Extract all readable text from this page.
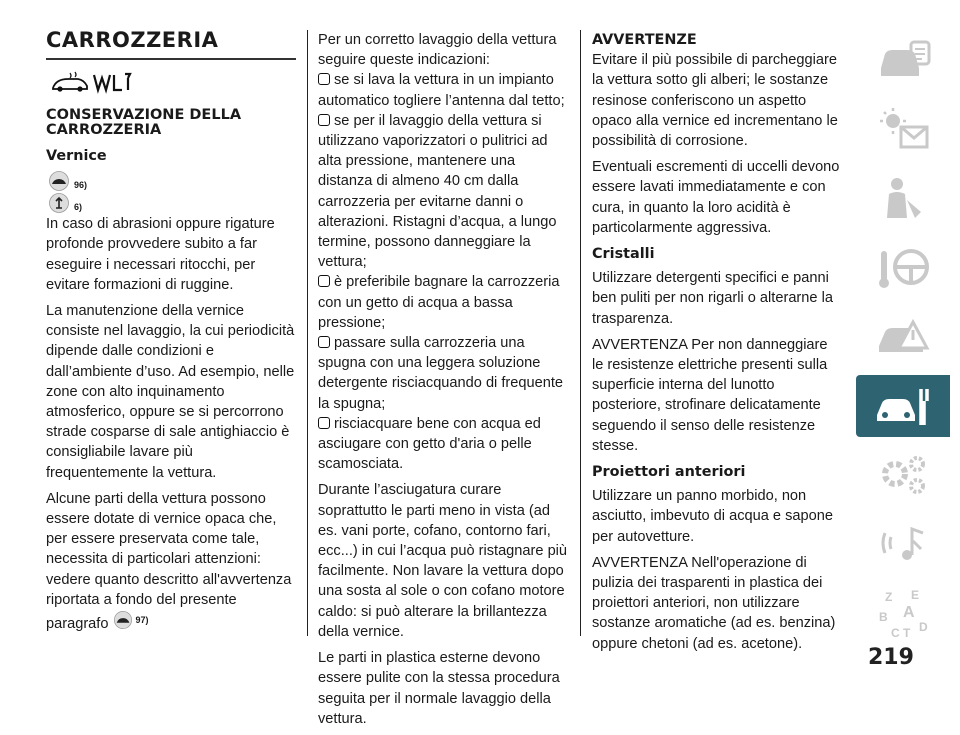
CARROZZERIA
CONSERVAZIONE DELLA CARROZZERIA
Vernice
96)
6)

In caso di abrasioni oppure rigature profonde provvedere subito a far eseguire i necessari ritocchi, per evitare formazioni di ruggine.

La manutenzione della vernice consiste nel lavaggio, la cui periodicità dipende dalle condizioni e dall’ambiente d’uso. Ad esempio, nelle zone con alto inquinamento atmosferico, oppure se si percorrono strade cosparse di sale antighiaccio è consigliabile lavare più frequentemente la vettura.

Alcune parti della vettura possono essere dotate di vernice opaca che, per essere preservata come tale, necessita di particolari attenzioni: vedere quanto descritto all'avvertenza riportata a fondo del presente paragrafo	97)

Per un corretto lavaggio della vettura seguire queste indicazioni:

se si lava la vettura in un impianto automatico togliere l’antenna dal tetto;
se per il lavaggio della vettura si utilizzano vaporizzatori o pulitrici ad alta pressione, mantenere una distanza di almeno 40 cm dalla carrozzeria per evitarne danni o alterazioni. Ristagni d’acqua, a lungo termine, possono danneggiare la vettura;
è preferibile bagnare la carrozzeria con un getto di acqua a bassa pressione;
passare sulla carrozzeria una spugna con una leggera soluzione detergente risciacquando di frequente la spugna;
risciacquare bene con acqua ed asciugare con getto d'aria o pelle scamosciata.

Durante l’asciugatura curare soprattutto le parti meno in vista (ad es. vani porte, cofano, contorno fari, ecc...) in cui l’acqua può ristagnare più facilmente. Non lavare la vettura dopo una sosta al sole o con cofano motore caldo: si può alterare la brillantezza della vernice.

Le parti in plastica esterne devono essere pulite con la stessa procedura seguita per il normale lavaggio della vettura.

AVVERTENZE

Evitare il più possibile di parcheggiare la vettura sotto gli alberi; le sostanze resinose conferiscono un aspetto opaco alla vernice ed incrementano le possibilità di corrosione.

Eventuali escrementi di uccelli devono essere lavati immediatamente e con cura, in quanto la loro acidità è particolarmente aggressiva.

Cristalli

Utilizzare detergenti specifici e panni ben puliti per non rigarli o alterarne la trasparenza.

AVVERTENZA Per non danneggiare le resistenze elettriche presenti sulla superficie interna del lunotto posteriore, strofinare delicatamente seguendo il senso delle resistenze stesse.

Proiettori anteriori

Utilizzare un panno morbido, non asciutto, imbevuto di acqua e sapone per autovetture.

AVVERTENZA Nell'operazione di pulizia dei trasparenti in plastica dei proiettori anteriori, non utilizzare sostanze aromatiche (ad es. benzina) oppure chetoni (ad es. acetone).

Z E
B A
C T D
219
